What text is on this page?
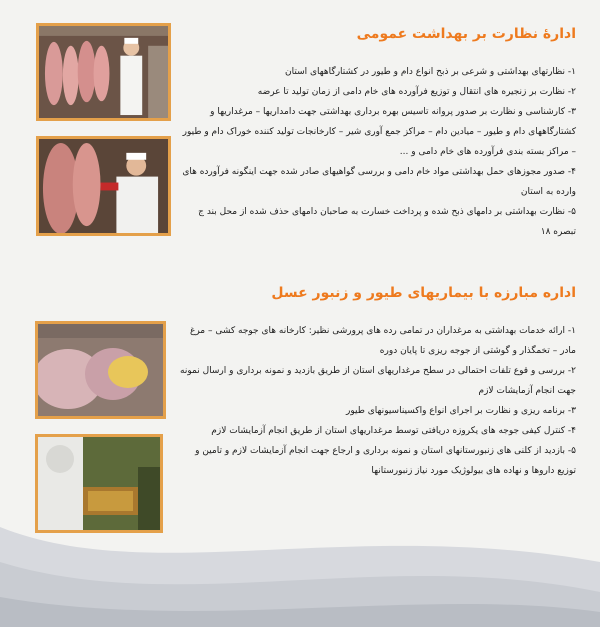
ادارهٔ نظارت بر بهداشت عمومی
۱- نظارتهای بهداشتی و شرعی بر ذبح انواع دام و طیور در کشتارگاههای استان
۲- نظارت بر زنجیره های انتقال و توزیع فرآورده های خام دامی از زمان تولید تا عرضه
۳- کارشناسی و نظارت بر صدور پروانه تاسیس بهره برداری بهداشتی جهت دامداریها – مرغداریها و کشتارگاههای دام و طیور – میادین دام – مراکز جمع آوری شیر – کارخانجات تولید کننده خوراک دام و طیور – مراکز بسته بندی فرآورده های خام دامی و ...
۴- صدور مجوزهای حمل بهداشتی مواد خام دامی و بررسی گواهیهای صادر شده جهت اینگونه فرآورده های وارده به استان
۵- نظارت بهداشتی بر دامهای ذبح شده و پرداخت خسارت به صاحبان دامهای حذف شده از محل بند ج تبصره ۱۸
اداره مبارزه با بیماریهای طیور و زنبور عسل
۱- ارائه خدمات بهداشتی به مرغداران در تمامی رده های پرورشی نظیر: کارخانه های جوجه کشی – مرغ مادر – تخمگذار و گوشتی از جوجه ریزی تا پایان دوره
۲- بررسی و قوع تلفات احتمالی در سطح مرغداریهای استان از طریق بازدید و نمونه برداری و ارسال نمونه جهت انجام آزمایشات لازم
۳- برنامه ریزی و نظارت بر اجرای انواع واکسیناسیونهای طیور
۴- کنترل کیفی جوجه های یکروزه دریافتی توسط مرغداریهای استان از طریق انجام آزمایشات لازم
۵- بازدید از کلنی های زنبورستانهای استان و نمونه برداری و ارجاع جهت انجام آزمایشات لازم و تامین و توزیع داروها و نهاده های بیولوژیک مورد نیاز زنبورستانها
